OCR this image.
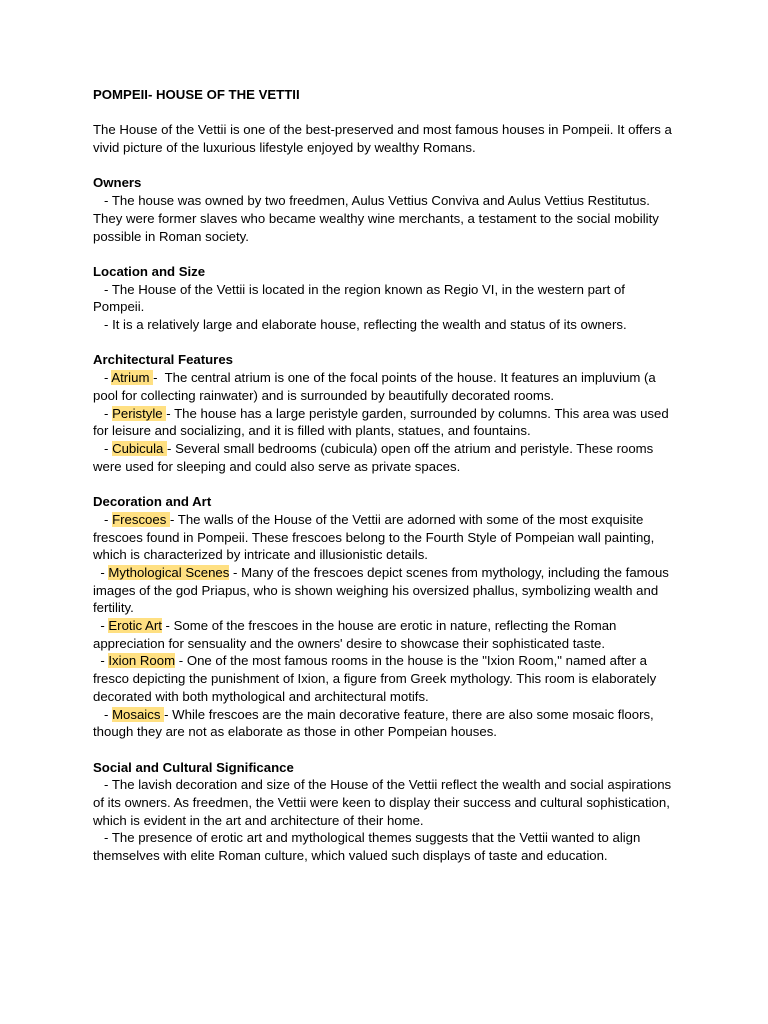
POMPEII- HOUSE OF THE VETTII

The House of the Vettii is one of the best-preserved and most famous houses in Pompeii. It offers a vivid picture of the luxurious lifestyle enjoyed by wealthy Romans.

Owners

- The house was owned by two freedmen, Aulus Vettius Conviva and Aulus Vettius Restitutus. They were former slaves who became wealthy wine merchants, a testament to the social mobility possible in Roman society.

Location and Size

- The House of the Vettii is located in the region known as Regio VI, in the western part of Pompeii.

- It is a relatively large and elaborate house, reflecting the wealth and status of its owners.

Architectural Features

- Atrium -  The central atrium is one of the focal points of the house. It features an impluvium (a pool for collecting rainwater) and is surrounded by beautifully decorated rooms.

- Peristyle - The house has a large peristyle garden, surrounded by columns. This area was used for leisure and socializing, and it is filled with plants, statues, and fountains.

- Cubicula - Several small bedrooms (cubicula) open off the atrium and peristyle. These rooms were used for sleeping and could also serve as private spaces.

Decoration and Art

- Frescoes - The walls of the House of the Vettii are adorned with some of the most exquisite frescoes found in Pompeii. These frescoes belong to the Fourth Style of Pompeian wall painting, which is characterized by intricate and illusionistic details.

- Mythological Scenes - Many of the frescoes depict scenes from mythology, including the famous images of the god Priapus, who is shown weighing his oversized phallus, symbolizing wealth and fertility.

- Erotic Art - Some of the frescoes in the house are erotic in nature, reflecting the Roman appreciation for sensuality and the owners' desire to showcase their sophisticated taste.

- Ixion Room - One of the most famous rooms in the house is the "Ixion Room," named after a fresco depicting the punishment of Ixion, a figure from Greek mythology. This room is elaborately decorated with both mythological and architectural motifs.

- Mosaics - While frescoes are the main decorative feature, there are also some mosaic floors, though they are not as elaborate as those in other Pompeian houses.

Social and Cultural Significance

- The lavish decoration and size of the House of the Vettii reflect the wealth and social aspirations of its owners. As freedmen, the Vettii were keen to display their success and cultural sophistication, which is evident in the art and architecture of their home.

- The presence of erotic art and mythological themes suggests that the Vettii wanted to align themselves with elite Roman culture, which valued such displays of taste and education.
